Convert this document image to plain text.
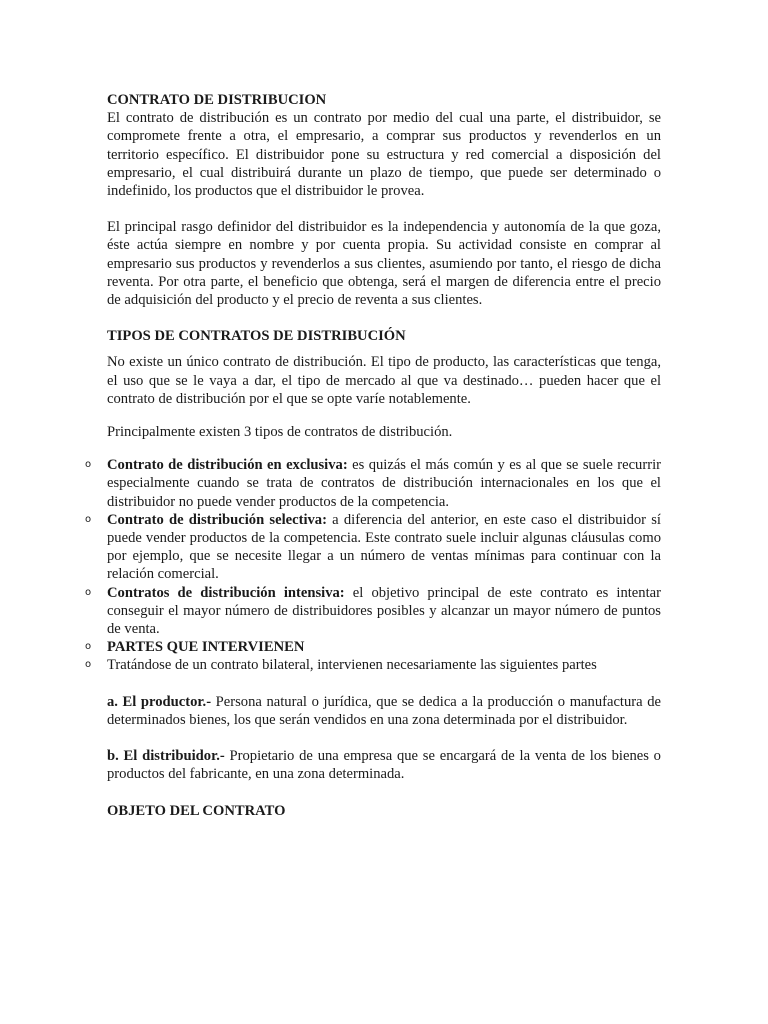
CONTRATO DE DISTRIBUCION

El contrato de distribución es un contrato por medio del cual una parte, el distribuidor, se compromete frente a otra, el empresario, a comprar sus productos y revenderlos en un territorio específico. El distribuidor pone su estructura y red comercial a disposición del empresario, el cual distribuirá durante un plazo de tiempo, que puede ser determinado o indefinido, los productos que el distribuidor le provea.

El principal rasgo definidor del distribuidor es la independencia y autonomía de la que goza, éste actúa siempre en nombre y por cuenta propia. Su actividad consiste en comprar al empresario sus productos y revenderlos a sus clientes, asumiendo por tanto, el riesgo de dicha reventa. Por otra parte, el beneficio que obtenga, será el margen de diferencia entre el precio de adquisición del producto y el precio de reventa a sus clientes.

TIPOS DE CONTRATOS DE DISTRIBUCIÓN

No existe un único contrato de distribución. El tipo de producto, las características que tenga, el uso que se le vaya a dar, el tipo de mercado al que va destinado… pueden hacer que el contrato de distribución por el que se opte varíe notablemente.

Principalmente existen 3 tipos de contratos de distribución.

o Contrato de distribución en exclusiva: es quizás el más común y es al que se suele recurrir especialmente cuando se trata de contratos de distribución internacionales en los que el distribuidor no puede vender productos de la competencia.
o Contrato de distribución selectiva: a diferencia del anterior, en este caso el distribuidor sí puede vender productos de la competencia. Este contrato suele incluir algunas cláusulas como por ejemplo, que se necesite llegar a un número de ventas mínimas para continuar con la relación comercial.
o Contratos de distribución intensiva: el objetivo principal de este contrato es intentar conseguir el mayor número de distribuidores posibles y alcanzar un mayor número de puntos de venta.
o PARTES QUE INTERVIENEN
o Tratándose de un contrato bilateral, intervienen necesariamente las siguientes partes

a. El productor.- Persona natural o jurídica, que se dedica a la producción o manufactura de determinados bienes, los que serán vendidos en una zona determinada por el distribuidor.

b. El distribuidor.- Propietario de una empresa que se encargará de la venta de los bienes o productos del fabricante, en una zona determinada.

OBJETO DEL CONTRATO
